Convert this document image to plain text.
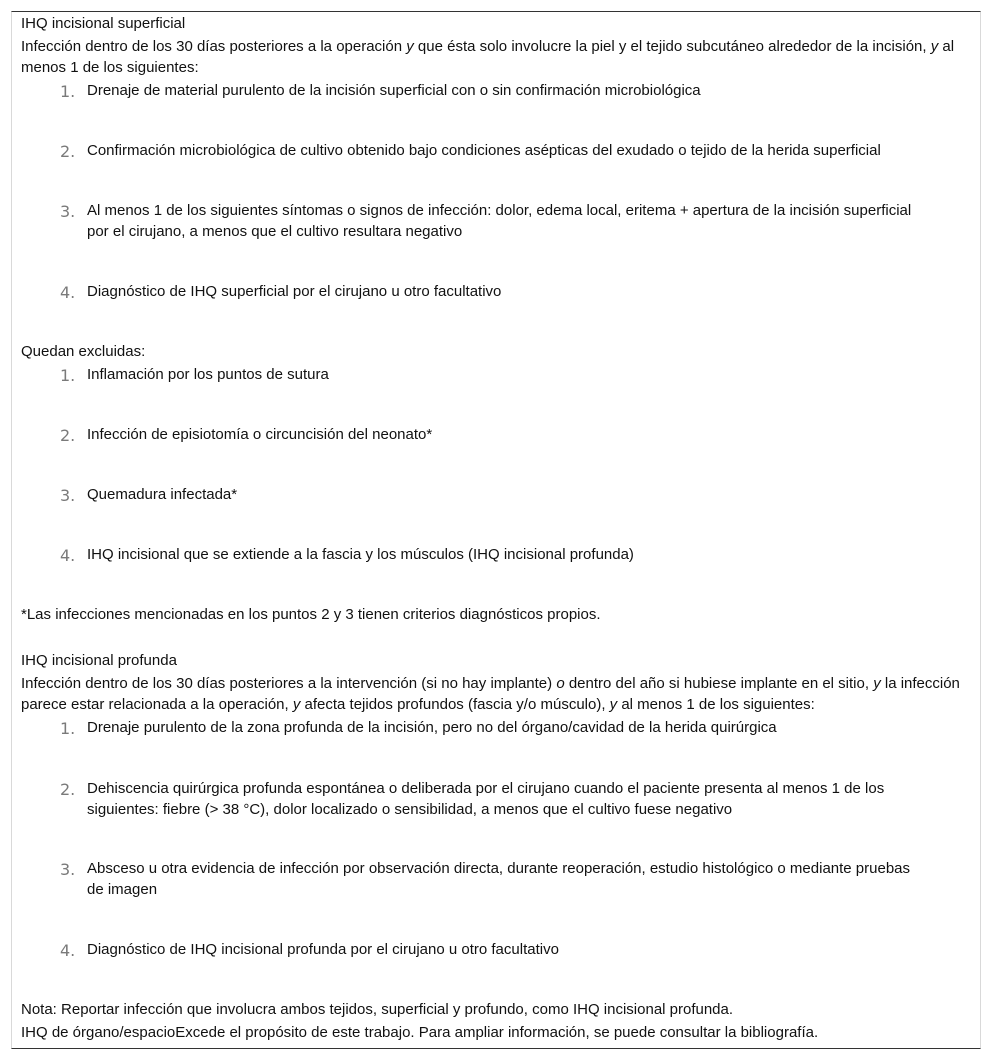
IHQ incisional superficial
Infección dentro de los 30 días posteriores a la operación y que ésta solo involucre la piel y el tejido subcutáneo alrededor de la incisión, y al menos 1 de los siguientes:
1. Drenaje de material purulento de la incisión superficial con o sin confirmación microbiológica
2. Confirmación microbiológica de cultivo obtenido bajo condiciones asépticas del exudado o tejido de la herida superficial
3. Al menos 1 de los siguientes síntomas o signos de infección: dolor, edema local, eritema + apertura de la incisión superficial por el cirujano, a menos que el cultivo resultara negativo
4. Diagnóstico de IHQ superficial por el cirujano u otro facultativo
Quedan excluidas:
1. Inflamación por los puntos de sutura
2. Infección de episiotomía o circuncisión del neonato*
3. Quemadura infectada*
4. IHQ incisional que se extiende a la fascia y los músculos (IHQ incisional profunda)
*Las infecciones mencionadas en los puntos 2 y 3 tienen criterios diagnósticos propios.
IHQ incisional profunda
Infección dentro de los 30 días posteriores a la intervención (si no hay implante) o dentro del año si hubiese implante en el sitio, y la infección parece estar relacionada a la operación, y afecta tejidos profundos (fascia y/o músculo), y al menos 1 de los siguientes:
1. Drenaje purulento de la zona profunda de la incisión, pero no del órgano/cavidad de la herida quirúrgica
2. Dehiscencia quirúrgica profunda espontánea o deliberada por el cirujano cuando el paciente presenta al menos 1 de los siguientes: fiebre (> 38 °C), dolor localizado o sensibilidad, a menos que el cultivo fuese negativo
3. Absceso u otra evidencia de infección por observación directa, durante reoperación, estudio histológico o mediante pruebas de imagen
4. Diagnóstico de IHQ incisional profunda por el cirujano u otro facultativo
Nota: Reportar infección que involucra ambos tejidos, superficial y profundo, como IHQ incisional profunda.
IHQ de órgano/espacioExcede el propósito de este trabajo. Para ampliar información, se puede consultar la bibliografía.
